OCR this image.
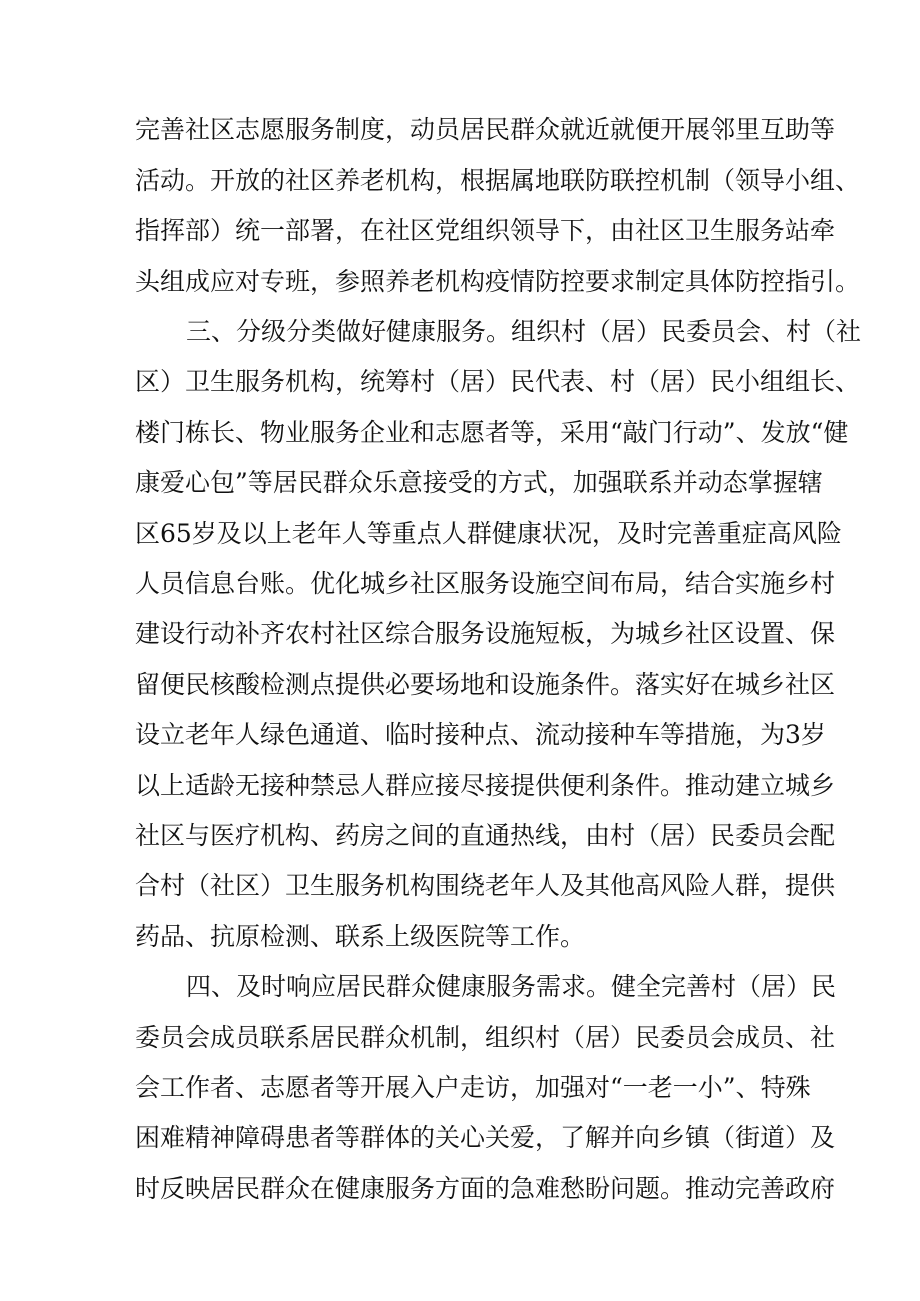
完善社区志愿服务制度，动员居民群众就近就便开展邻里互助等
活动。开放的社区养老机构，根据属地联防联控机制（领导小组、
指挥部）统一部署，在社区党组织领导下，由社区卫生服务站牵
头组成应对专班，参照养老机构疫情防控要求制定具体防控指引。
三、分级分类做好健康服务。组织村（居）民委员会、村（社
区）卫生服务机构，统筹村（居）民代表、村（居）民小组组长、
楼门栋长、物业服务企业和志愿者等，采用“敲门行动”、发放“健
康爱心包”等居民群众乐意接受的方式，加强联系并动态掌握辖
区65岁及以上老年人等重点人群健康状况，及时完善重症高风险
人员信息台账。优化城乡社区服务设施空间布局，结合实施乡村
建设行动补齐农村社区综合服务设施短板，为城乡社区设置、保
留便民核酸检测点提供必要场地和设施条件。落实好在城乡社区
设立老年人绿色通道、临时接种点、流动接种车等措施，为3岁
以上适龄无接种禁忌人群应接尽接提供便利条件。推动建立城乡
社区与医疗机构、药房之间的直通热线，由村（居）民委员会配
合村（社区）卫生服务机构围绕老年人及其他高风险人群，提供
药品、抗原检测、联系上级医院等工作。
四、及时响应居民群众健康服务需求。健全完善村（居）民
委员会成员联系居民群众机制，组织村（居）民委员会成员、社
会工作者、志愿者等开展入户走访，加强对“一老一小”、特殊
困难精神障碍患者等群体的关心关爱，了解并向乡镇（街道）及
时反映居民群众在健康服务方面的急难愁盼问题。推动完善政府
